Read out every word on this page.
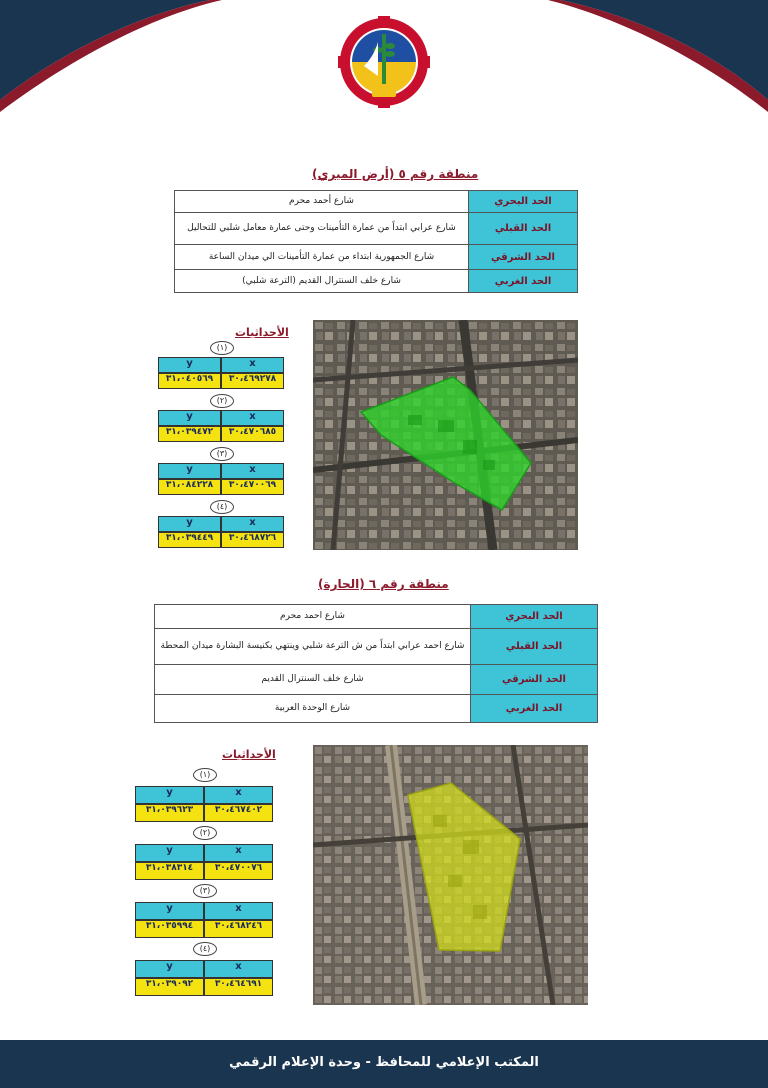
منطقة رقم ٥ (أرض الميري)
الحد البحري	شارع أحمد محرم
الحد القبلي	شارع عرابي ابتداً من عمارة التأمينات وحتى عمارة معامل شلبي للتحاليل
الحد الشرقي	شارع الجمهورية ابتداء من عمارة التأمينات الي ميدان الساعة
الحد الغربي	شارع خلف السنترال القديم (الترعة شلبي)
الأحداثيات
(١)
y	x
٣١،٠٤٠٥٦٩	٣٠،٤٦٩٢٧٨
(٢)
y	x
٣١،٠٣٩٤٧٢	٣٠،٤٧٠٦٨٥
(٣)
y	x
٣١،٠٨٤٢٢٨	٣٠،٤٧٠٠٦٩
(٤)
y	x
٣١،٠٣٩٤٤٩	٣٠،٤٦٨٧٢٦
منطقة رقم ٦ (الحارة)
الحد البحري	شارع احمد محرم
الحد القبلي	شارع احمد عرابي ابتداً من ش الترعة شلبي وينتهي بكنيسة البشارة ميدان المحطة
الحد الشرقي	شارع خلف السنترال القديم
الحد الغربي	شارع الوحدة العربية
الأحداثيات
(١)
y	x
٣١،٠٣٩٦٢٣	٣٠،٤٦٧٤٠٢
(٢)
y	x
٣١،٠٣٨٣١٤	٣٠،٤٧٠٠٧٦
(٣)
y	x
٣١،٠٣٥٩٩٤	٣٠،٤٦٨٢٤٦
(٤)
y	x
٣١،٠٣٩٠٩٢	٣٠،٤٦٤٦٩١
المكتب الإعلامي للمحافظ - وحدة الإعلام الرقمي
